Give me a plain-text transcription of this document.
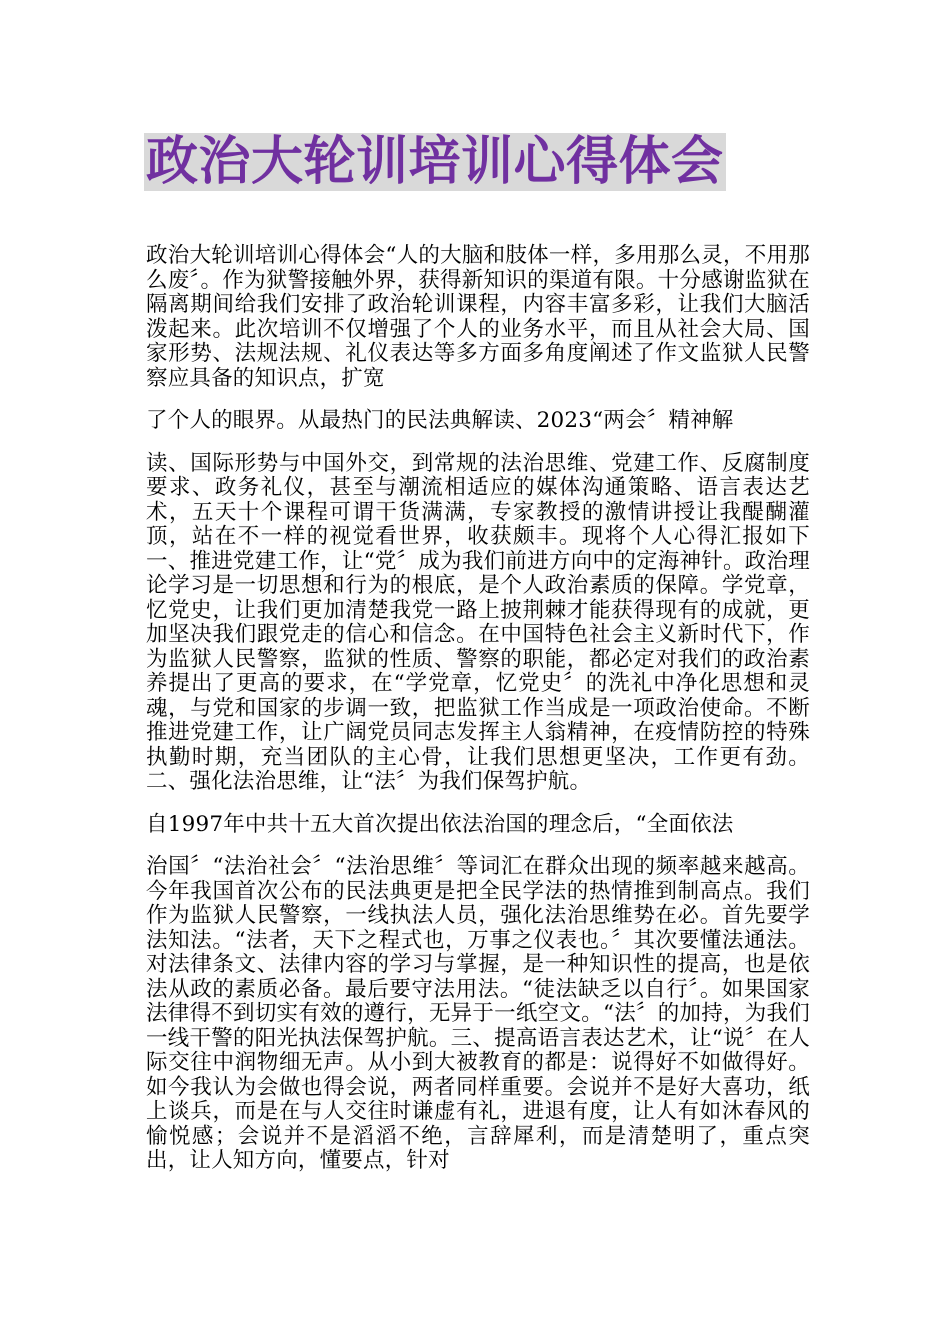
政治大轮训培训心得体会

政治大轮训培训心得体会“人的大脑和肢体一样，多用那么灵，不用那么废〞。作为狱警接触外界，获得新知识的渠道有限。十分感谢监狱在隔离期间给我们安排了政治轮训课程，内容丰富多彩，让我们大脑活泼起来。此次培训不仅增强了个人的业务水平，而且从社会大局、国家形势、法规法规、礼仪表达等多方面多角度阐述了作文监狱人民警察应具备的知识点，扩宽

了个人的眼界。从最热门的民法典解读、2023“两会〞精神解

读、国际形势与中国外交，到常规的法治思维、党建工作、反腐制度要求、政务礼仪，甚至与潮流相适应的媒体沟通策略、语言表达艺术，五天十个课程可谓干货满满，专家教授的激情讲授让我醍醐灌顶，站在不一样的视觉看世界，收获颇丰。现将个人心得汇报如下一、推进党建工作，让“党〞成为我们前进方向中的定海神针。政治理论学习是一切思想和行为的根底，是个人政治素质的保障。学党章，忆党史，让我们更加清楚我党一路上披荆棘才能获得现有的成就，更加坚决我们跟党走的信心和信念。在中国特色社会主义新时代下，作为监狱人民警察，监狱的性质、警察的职能，都必定对我们的政治素养提出了更高的要求，在“学党章，忆党史〞的洗礼中净化思想和灵魂，与党和国家的步调一致，把监狱工作当成是一项政治使命。不断推进党建工作，让广阔党员同志发挥主人翁精神，在疫情防控的特殊执勤时期，充当团队的主心骨，让我们思想更坚决，工作更有劲。二、强化法治思维，让“法〞为我们保驾护航。

自1997年中共十五大首次提出依法治国的理念后，“全面依法

治国〞“法治社会〞“法治思维〞等词汇在群众出现的频率越来越高。今年我国首次公布的民法典更是把全民学法的热情推到制高点。我们作为监狱人民警察，一线执法人员，强化法治思维势在必。首先要学法知法。“法者，天下之程式也，万事之仪表也。〞其次要懂法通法。对法律条文、法律内容的学习与掌握，是一种知识性的提高，也是依法从政的素质必备。最后要守法用法。“徒法缺乏以自行〞。如果国家法律得不到切实有效的遵行，无异于一纸空文。“法〞的加持，为我们一线干警的阳光执法保驾护航。三、提高语言表达艺术，让“说〞在人际交往中润物细无声。从小到大被教育的都是：说得好不如做得好。如今我认为会做也得会说，两者同样重要。会说并不是好大喜功，纸上谈兵，而是在与人交往时谦虚有礼，进退有度，让人有如沐春风的愉悦感；会说并不是滔滔不绝，言辞犀利，而是清楚明了，重点突出，让人知方向，懂要点，针对
